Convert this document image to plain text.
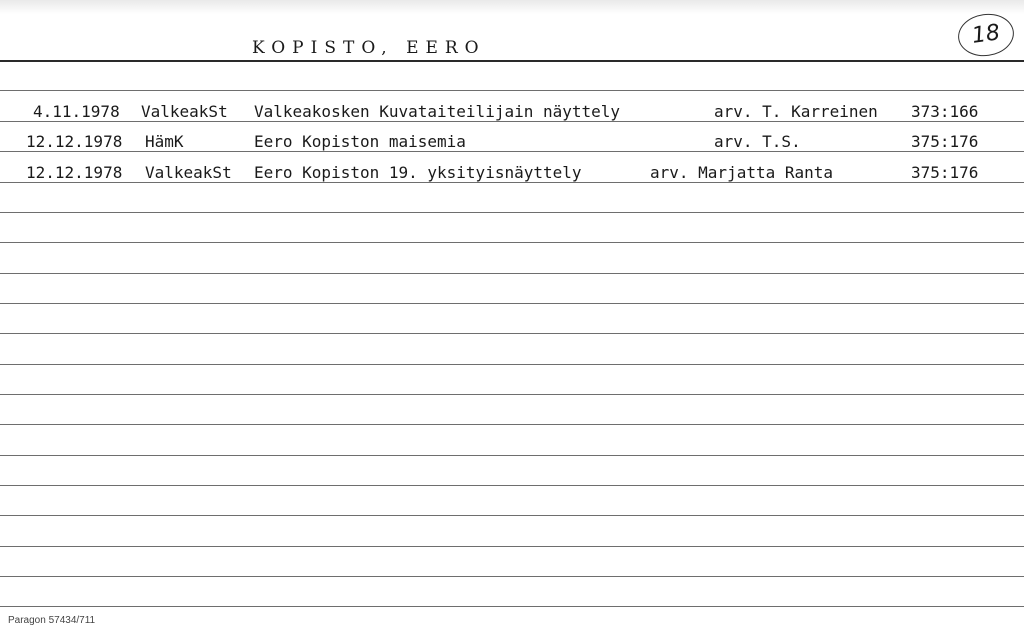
KOPISTO, EERO	18
4.11.1978 ValkeakSt Valkeakosken Kuvataiteilijain näyttely	arv. T. Karreinen 373:166
12.12.1978 HämK	Eero Kopiston maisemia	arv. T.S.	375:176
12.12.1978 ValkeakSt Eero Kopiston 19. yksityisnäyttely	arv. Marjatta Ranta	375:176
Paragon 57434/711
